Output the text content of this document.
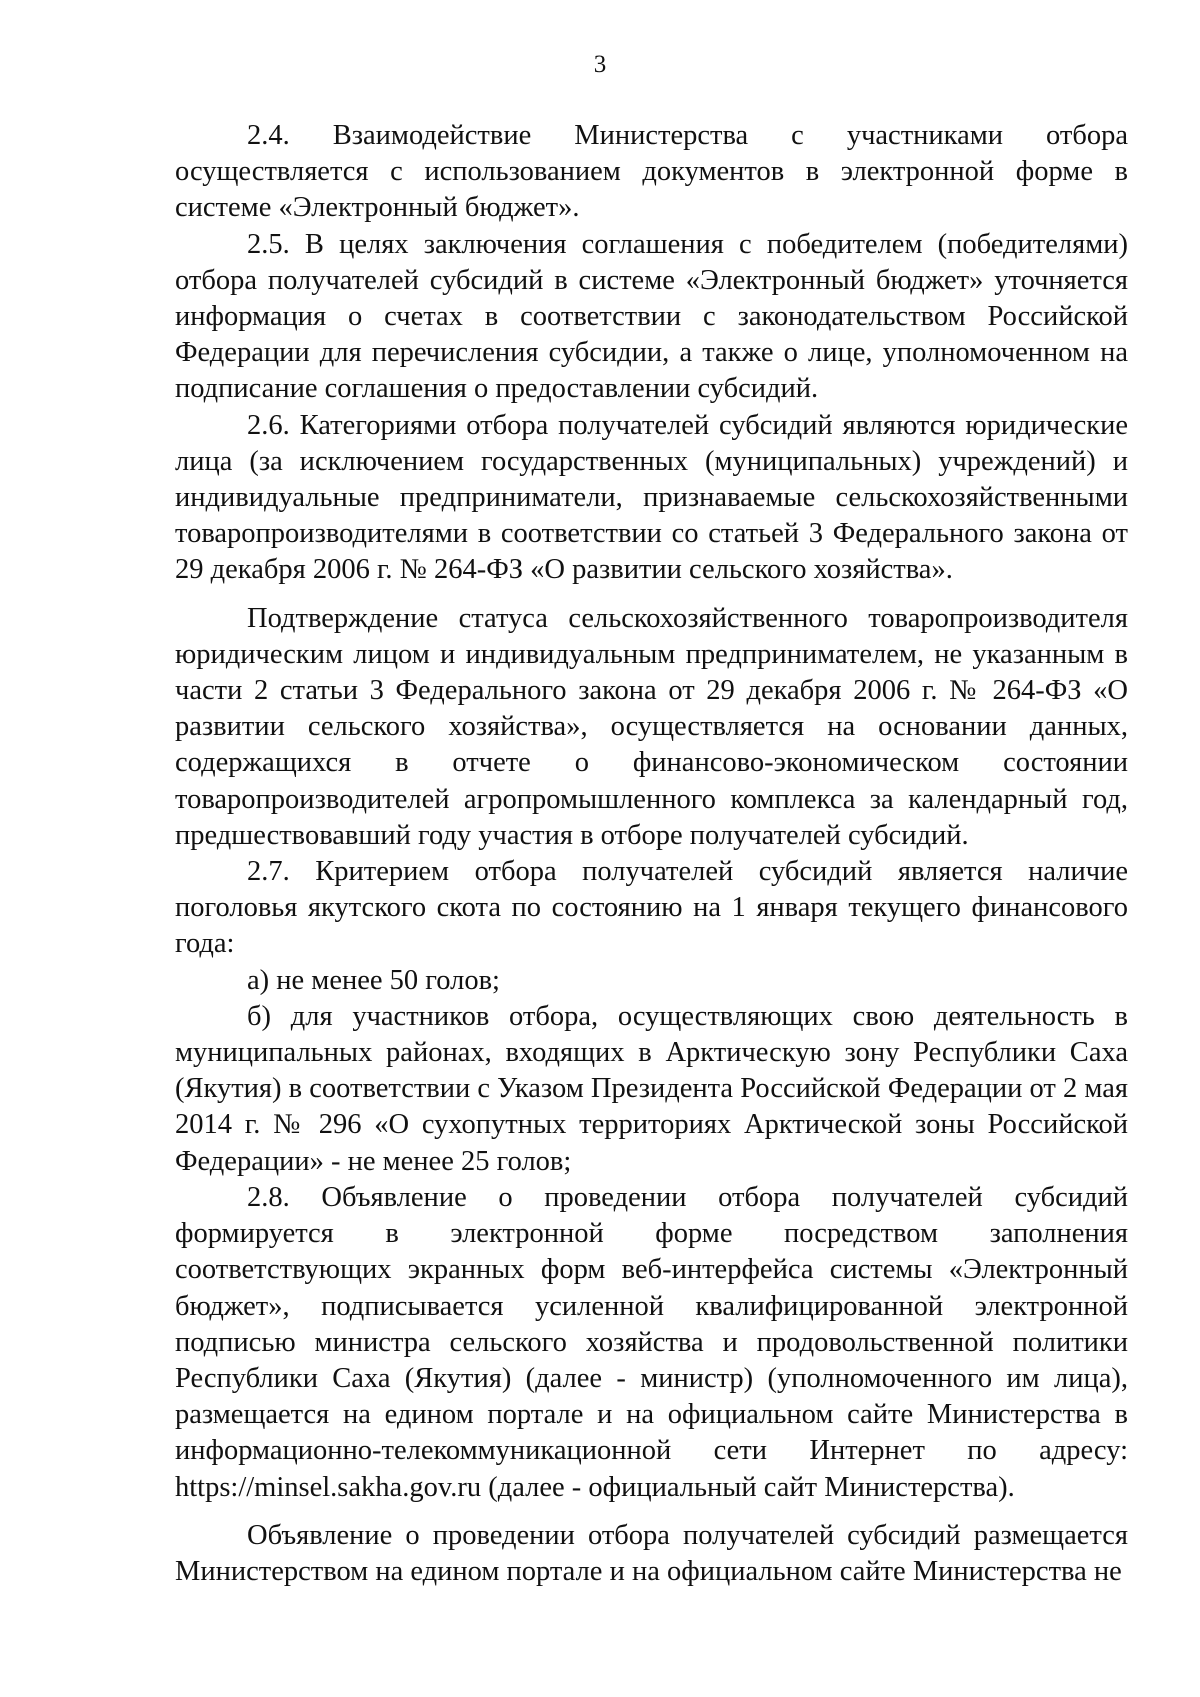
3

2.4. Взаимодействие Министерства с участниками отбора осуществляется с использованием документов в электронной форме в системе «Электронный бюджет».

2.5. В целях заключения соглашения с победителем (победителями) отбора получателей субсидий в системе «Электронный бюджет» уточняется информация о счетах в соответствии с законодательством Российской Федерации для перечисления субсидии, а также о лице, уполномоченном на подписание соглашения о предоставлении субсидий.

2.6. Категориями отбора получателей субсидий являются юридические лица (за исключением государственных (муниципальных) учреждений) и индивидуальные предприниматели, признаваемые сельскохозяйственными товаропроизводителями в соответствии со статьей 3 Федерального закона от 29 декабря 2006 г. № 264-ФЗ «О развитии сельского хозяйства».

Подтверждение статуса сельскохозяйственного товаропроизводителя юридическим лицом и индивидуальным предпринимателем, не указанным в части 2 статьи 3 Федерального закона от 29 декабря 2006 г. № 264-ФЗ «О развитии сельского хозяйства», осуществляется на основании данных, содержащихся в отчете о финансово-экономическом состоянии товаропроизводителей агропромышленного комплекса за календарный год, предшествовавший году участия в отборе получателей субсидий.

2.7. Критерием отбора получателей субсидий является наличие поголовья якутского скота по состоянию на 1 января текущего финансового года:

а) не менее 50 голов;

б) для участников отбора, осуществляющих свою деятельность в муниципальных районах, входящих в Арктическую зону Республики Саха (Якутия) в соответствии с Указом Президента Российской Федерации от 2 мая 2014 г. № 296 «О сухопутных территориях Арктической зоны Российской Федерации» - не менее 25 голов;

2.8. Объявление о проведении отбора получателей субсидий формируется в электронной форме посредством заполнения соответствующих экранных форм веб-интерфейса системы «Электронный бюджет», подписывается усиленной квалифицированной электронной подписью министра сельского хозяйства и продовольственной политики Республики Саха (Якутия) (далее - министр) (уполномоченного им лица), размещается на едином портале и на официальном сайте Министерства в информационно-телекоммуникационной сети Интернет по адресу: https://minsel.sakha.gov.ru (далее - официальный сайт Министерства).

Объявление о проведении отбора получателей субсидий размещается Министерством на едином портале и на официальном сайте Министерства не
